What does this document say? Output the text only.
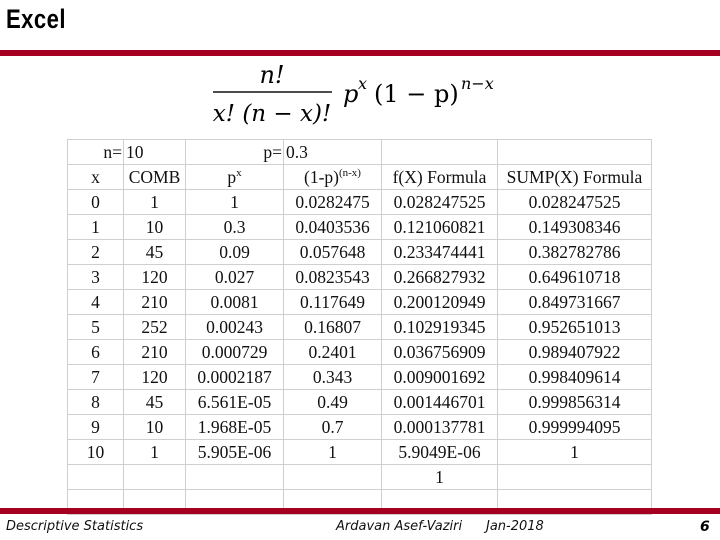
Excel
n!
x! (n − x)!
p x (1 − p) n−x
n=	10	p=	0.3		
x	COMB	$p^x$	$(1-p)^{(n-x)}$	f(X) Formula	SUMP(X) Formula
0	1	1	0.0282475	0.028247525	0.028247525
1	10	0.3	0.0403536	0.121060821	0.149308346
2	45	0.09	0.057648	0.233474441	0.382782786
3	120	0.027	0.0823543	0.266827932	0.649610718
4	210	0.0081	0.117649	0.200120949	0.849731667
5	252	0.00243	0.16807	0.102919345	0.952651013
6	210	0.000729	0.2401	0.036756909	0.989407922
7	120	0.0002187	0.343	0.009001692	0.998409614
8	45	6.561E-05	0.49	0.001446701	0.999856314
9	10	1.968E-05	0.7	0.000137781	0.999994095
10	1	5.905E-06	1	5.9049E-06	1
				1	

Descriptive Statistics	Ardavan Asef-Vaziri Jan-2018	6
